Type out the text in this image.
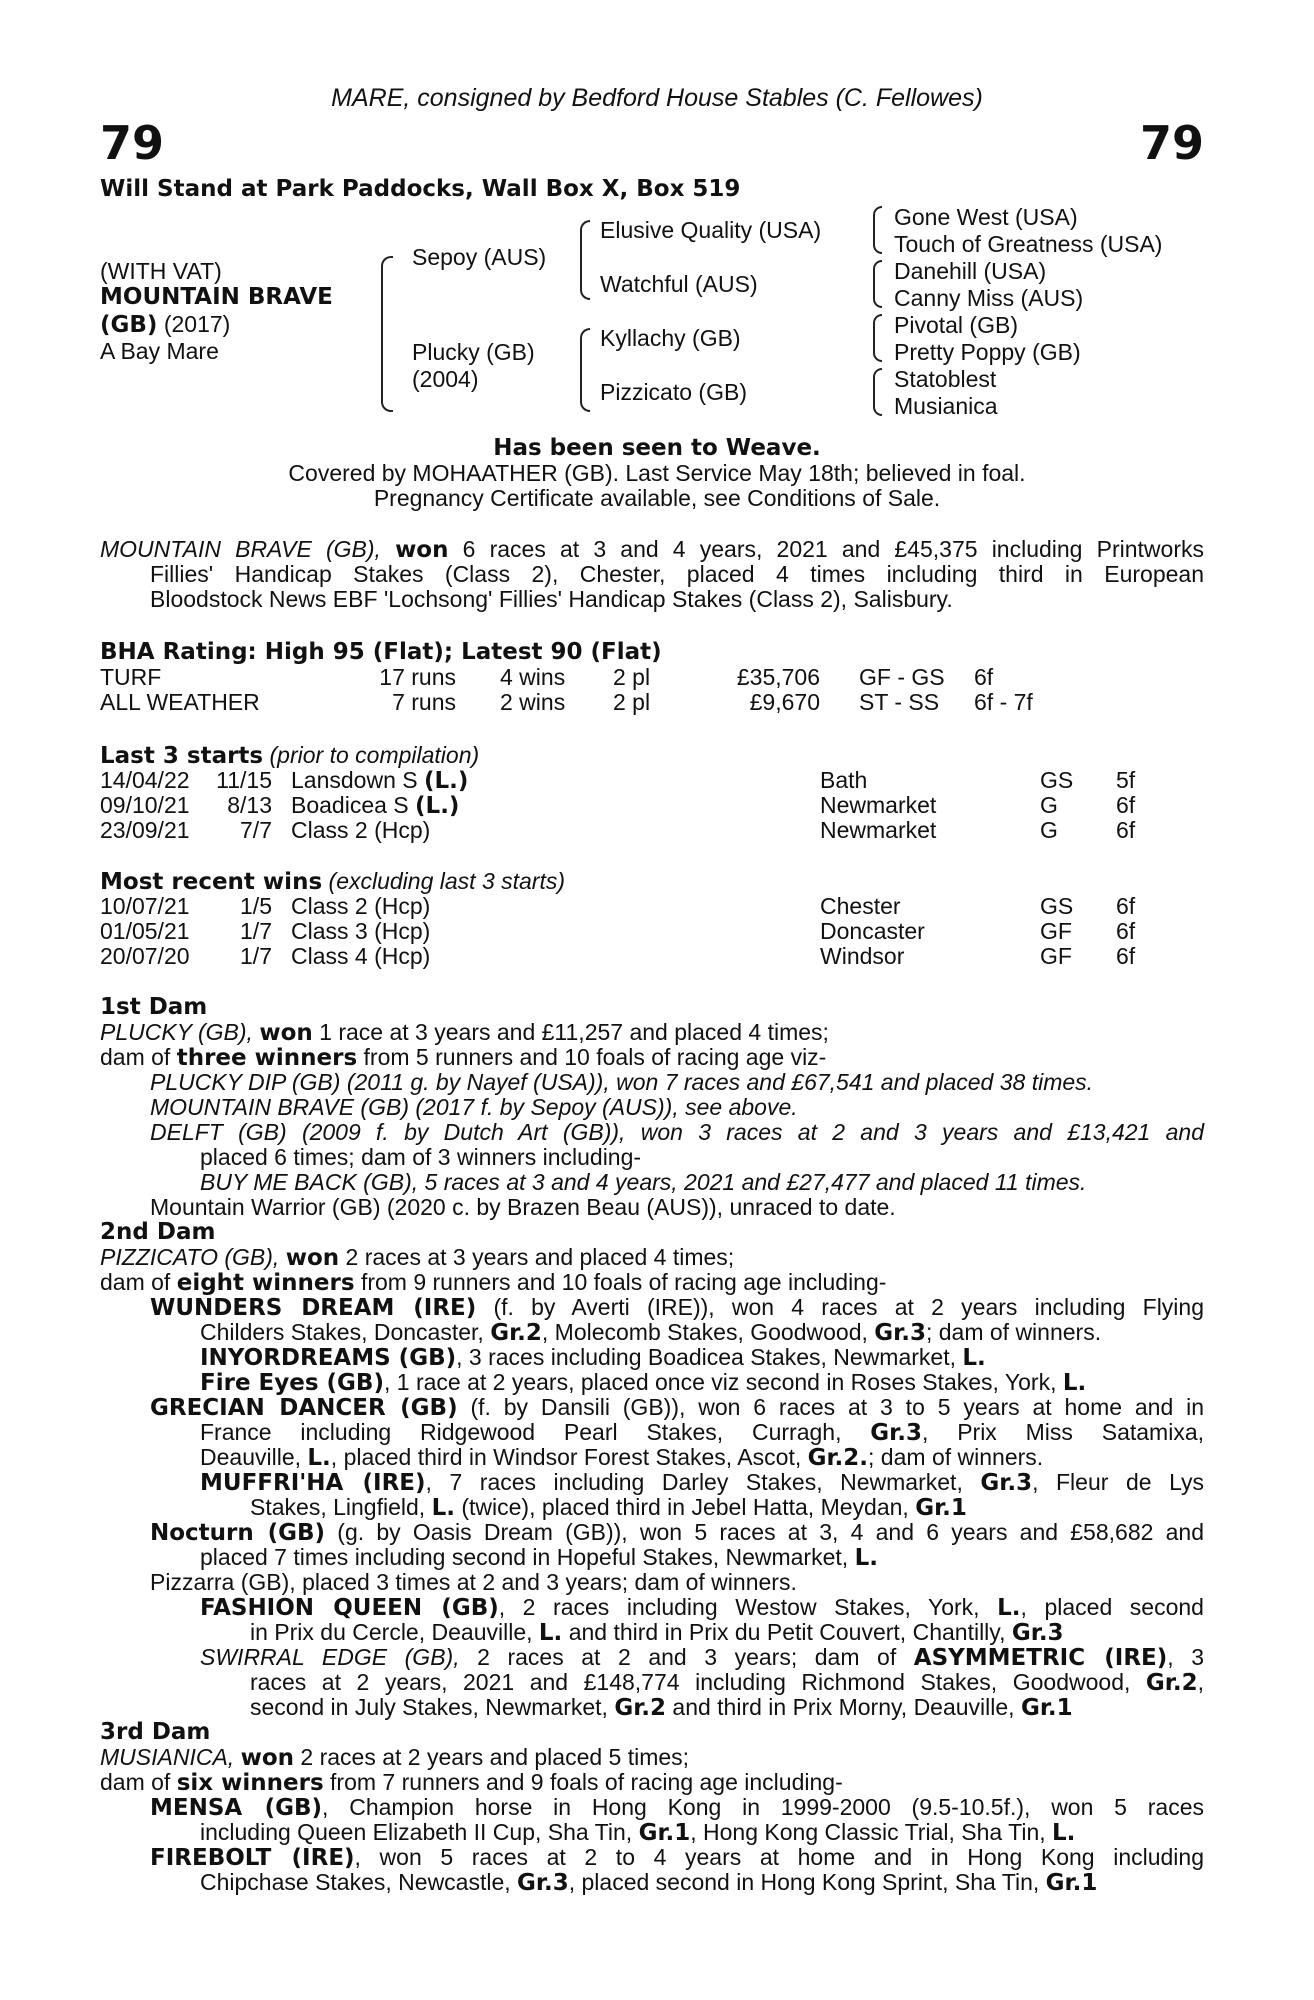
MARE, consigned by Bedford House Stables (C. Fellowes)
79	79
Will Stand at Park Paddocks, Wall Box X, Box 519
(WITH VAT)
MOUNTAIN BRAVE
(GB) (2017)
A Bay Mare
Sepoy (AUS)
Plucky (GB)
(2004)
Elusive Quality (USA)
Watchful (AUS)
Kyllachy (GB)
Pizzicato (GB)
Gone West (USA)
Touch of Greatness (USA)
Danehill (USA)
Canny Miss (AUS)
Pivotal (GB)
Pretty Poppy (GB)
Statoblest
Musianica
Has been seen to Weave.
Covered by MOHAATHER (GB). Last Service May 18th; believed in foal.
Pregnancy Certificate available, see Conditions of Sale.
MOUNTAIN BRAVE (GB), won 6 races at 3 and 4 years, 2021 and £45,375 including Printworks
Fillies' Handicap Stakes (Class 2), Chester, placed 4 times including third in European
Bloodstock News EBF 'Lochsong' Fillies' Handicap Stakes (Class 2), Salisbury.
BHA Rating: High 95 (Flat); Latest 90 (Flat)
TURF	17 runs 4 wins 2 pl	£35,706 GF - GS 6f
ALL WEATHER	7 runs 2 wins 2 pl	£9,670 ST - SS 6f - 7f
Last 3 starts (prior to compilation)
14/04/22 11/15 Lansdown S (L.)	Bath	GS 5f
09/10/21 8/13 Boadicea S (L.)	Newmarket	G	6f
23/09/21 7/7 Class 2 (Hcp)	Newmarket	G	6f
Most recent wins (excluding last 3 starts)
10/07/21 1/5 Class 2 (Hcp)	Chester	GS 6f
01/05/21 1/7 Class 3 (Hcp)	Doncaster	GF 6f
20/07/20 1/7 Class 4 (Hcp)	Windsor	GF 6f
1st Dam
PLUCKY (GB), won 1 race at 3 years and £11,257 and placed 4 times;
dam of three winners from 5 runners and 10 foals of racing age viz-
PLUCKY DIP (GB) (2011 g. by Nayef (USA)), won 7 races and £67,541 and placed 38 times.
MOUNTAIN BRAVE (GB) (2017 f. by Sepoy (AUS)), see above.
DELFT (GB) (2009 f. by Dutch Art (GB)), won 3 races at 2 and 3 years and £13,421 and
placed 6 times; dam of 3 winners including-
BUY ME BACK (GB), 5 races at 3 and 4 years, 2021 and £27,477 and placed 11 times.
Mountain Warrior (GB) (2020 c. by Brazen Beau (AUS)), unraced to date.
2nd Dam
PIZZICATO (GB), won 2 races at 3 years and placed 4 times;
dam of eight winners from 9 runners and 10 foals of racing age including-
WUNDERS DREAM (IRE) (f. by Averti (IRE)), won 4 races at 2 years including Flying
Childers Stakes, Doncaster, Gr.2, Molecomb Stakes, Goodwood, Gr.3; dam of winners.
INYORDREAMS (GB), 3 races including Boadicea Stakes, Newmarket, L.
Fire Eyes (GB), 1 race at 2 years, placed once viz second in Roses Stakes, York, L.
GRECIAN DANCER (GB) (f. by Dansili (GB)), won 6 races at 3 to 5 years at home and in
France including Ridgewood Pearl Stakes, Curragh, Gr.3, Prix Miss Satamixa,
Deauville, L., placed third in Windsor Forest Stakes, Ascot, Gr.2.; dam of winners.
MUFFRI'HA (IRE), 7 races including Darley Stakes, Newmarket, Gr.3, Fleur de Lys
Stakes, Lingfield, L. (twice), placed third in Jebel Hatta, Meydan, Gr.1
Nocturn (GB) (g. by Oasis Dream (GB)), won 5 races at 3, 4 and 6 years and £58,682 and
placed 7 times including second in Hopeful Stakes, Newmarket, L.
Pizzarra (GB), placed 3 times at 2 and 3 years; dam of winners.
FASHION QUEEN (GB), 2 races including Westow Stakes, York, L., placed second
in Prix du Cercle, Deauville, L. and third in Prix du Petit Couvert, Chantilly, Gr.3
SWIRRAL EDGE (GB), 2 races at 2 and 3 years; dam of ASYMMETRIC (IRE), 3
races at 2 years, 2021 and £148,774 including Richmond Stakes, Goodwood, Gr.2,
second in July Stakes, Newmarket, Gr.2 and third in Prix Morny, Deauville, Gr.1
3rd Dam
MUSIANICA, won 2 races at 2 years and placed 5 times;
dam of six winners from 7 runners and 9 foals of racing age including-
MENSA (GB), Champion horse in Hong Kong in 1999-2000 (9.5-10.5f.), won 5 races
including Queen Elizabeth II Cup, Sha Tin, Gr.1, Hong Kong Classic Trial, Sha Tin, L.
FIREBOLT (IRE), won 5 races at 2 to 4 years at home and in Hong Kong including
Chipchase Stakes, Newcastle, Gr.3, placed second in Hong Kong Sprint, Sha Tin, Gr.1
